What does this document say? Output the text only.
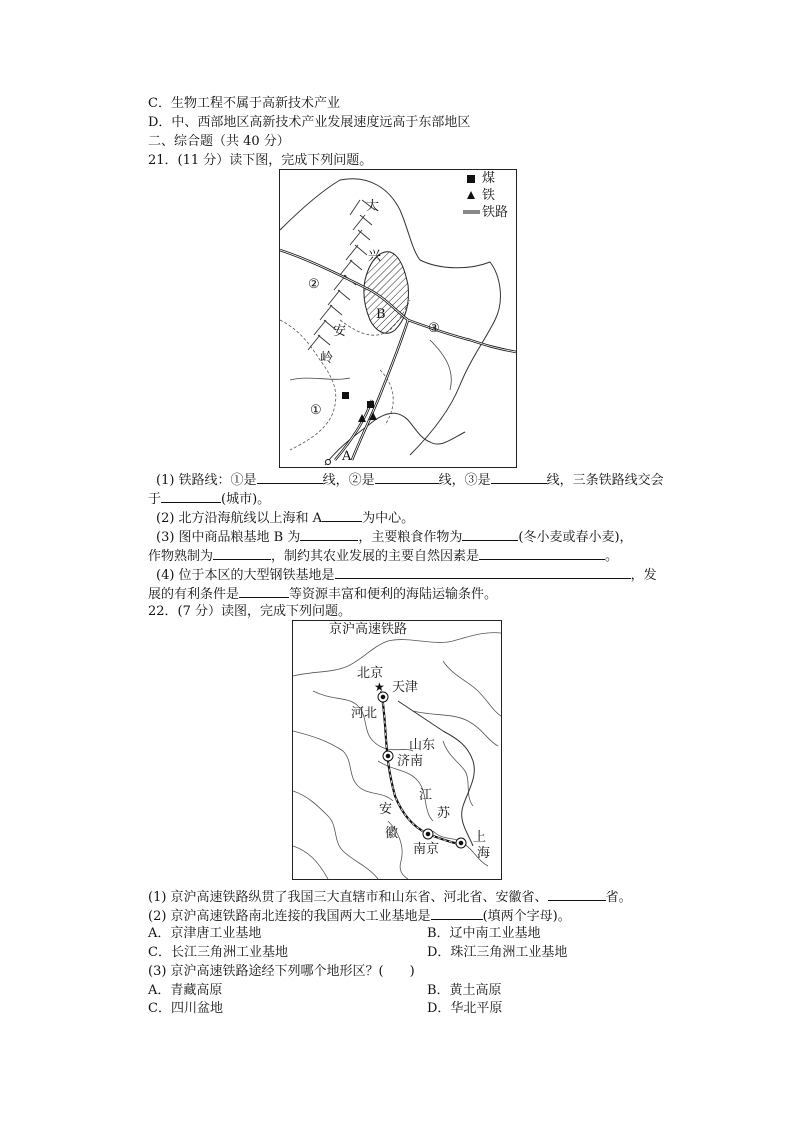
C．生物工程不属于高新技术产业
D．中、西部地区高新技术产业发展速度远高于东部地区
二、综合题（共 40 分）
21．(11 分）读下图，完成下列问题。
煤
铁
铁路
大
兴
安
岭
②
③
①
B
A
(1) 铁路线：①是	线，②是	线，③是	线，三条铁路线交会
于	(城市)。
(2) 北方沿海航线以上海和 A	为中心。
(3) 图中商品粮基地 B 为	，主要粮食作物为	(冬小麦或春小麦)，
作物熟制为	，制约其农业发展的主要自然因素是	。
(4) 位于本区的大型钢铁基地是	，发
展的有利条件是	等资源丰富和便利的海陆运输条件。
22．(7 分）读图，完成下列问题。
★
京沪高速铁路
北京
天津
河北
山东
济南
江
苏
安
徽
南京
上
海
(1) 京沪高速铁路纵贯了我国三大直辖市和山东省、河北省、安徽省、	省。
(2) 京沪高速铁路南北连接的我国两大工业基地是	(填两个字母)。
A．京津唐工业基地	B．辽中南工业基地
C．长江三角洲工业基地	D．珠江三角洲工业基地
(3) 京沪高速铁路途经下列哪个地形区？(　　)
A．青藏高原	B．黄土高原
C．四川盆地	D．华北平原
